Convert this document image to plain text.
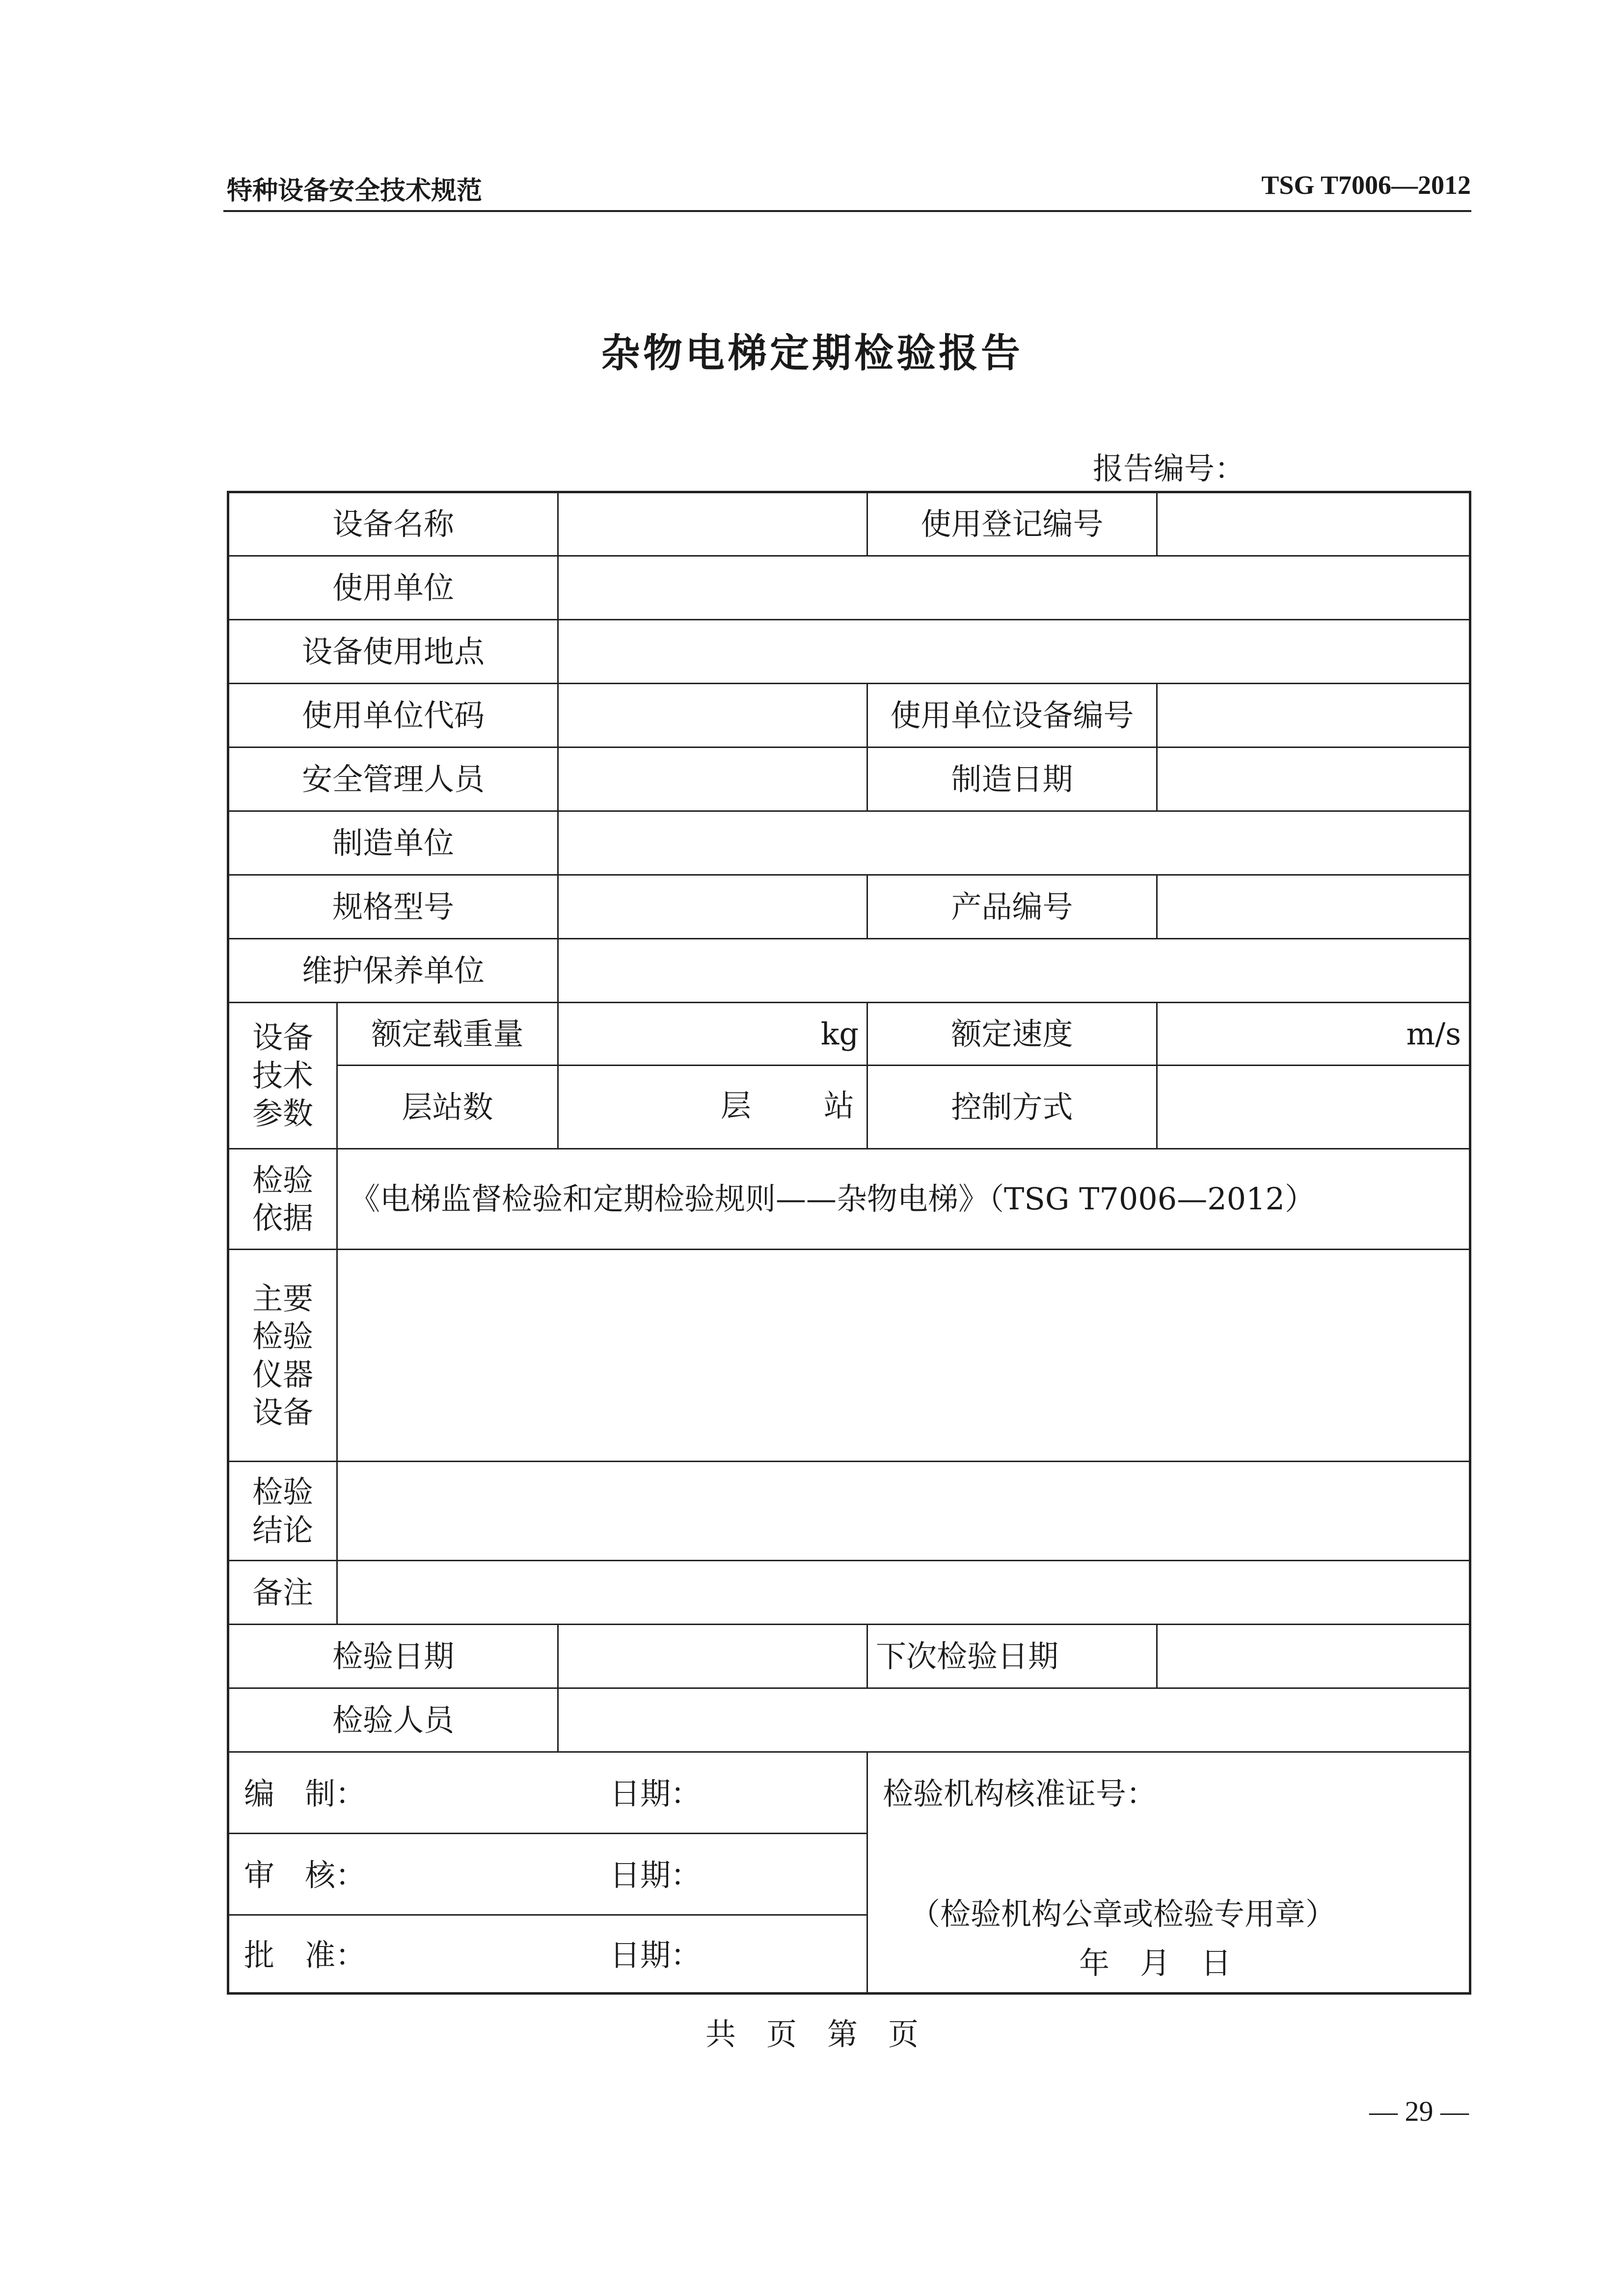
特种设备安全技术规范	TSG T7006—2012
杂物电梯定期检验报告
报告编号：
设备名称			使用登记编号	
使用单位				
设备使用地点				
使用单位代码			使用单位设备编号	
安全管理人员			制造日期	
制造单位				
规格型号			产品编号	
维护保养单位				

设备
技术
参数	额定载重量	kg	额定速度	m/s
	层站数	层 站	控制方式	

检验
依据	《电梯监督检验和定期检验规则——杂物电梯》（TSG T7006—2012）			

主要
检验
仪器
设备				

检验
结论				

备注				
检验日期			下次检验日期	
检验人员				

编　制： 日期：			检验机构核准证号：
（检验机构公章或检验专用章）
年　月　日	

审　核： 日期：				

批　准： 日期：				
共　页　第　页
— 29 —
